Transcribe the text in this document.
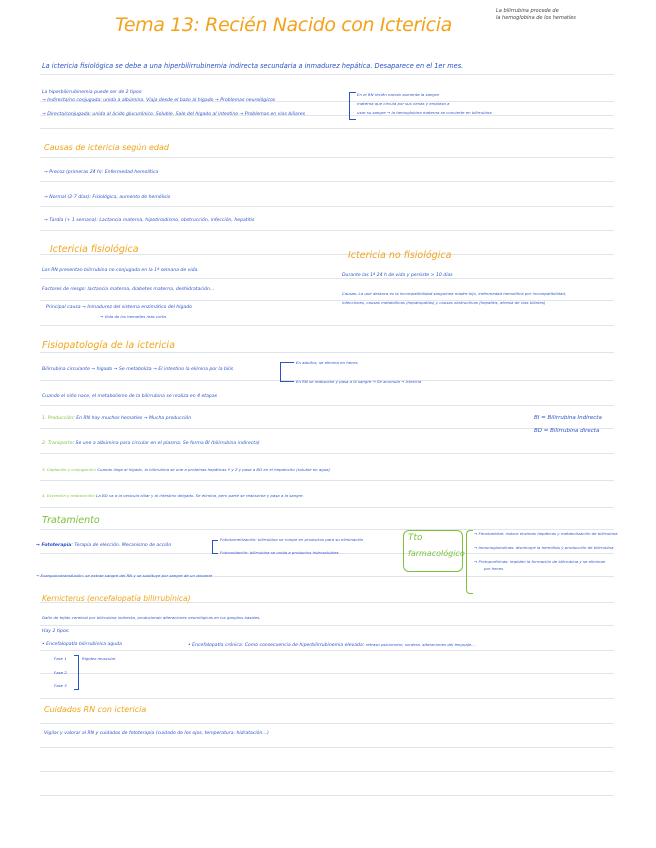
Tema 13: Recién Nacido con Ictericia
La bilirrubina procede de
la hemoglobina de los hematíes
La ictericia fisiológica se debe a una hiperbilirrubinemia indirecta secundaria a inmadurez hepática. Desaparece en el 1er mes.
La hiperbilirrubinemia puede ser de 2 tipos:
→ Indirecta/no conjugada: unida a albúmina. Viaja desde el bazo al hígado → Problemas neurológicos
→ Directa/conjugada: unida al ácido glucurónico. Soluble. Sale del hígado al intestino → Problemas en vías biliares
En el RN recién nacido aumenta la sangre
materna que circula por sus venas y empieza a
usar su sangre → la hemoglobina materna se convierte en bilirrubina
Causas de ictericia según edad
→ Precoz (primeras 24 h): Enfermedad hemolítica
→ Normal (2-7 días): Fisiológica, aumento de hemólisis
→ Tardía (+ 1 semana): Lactancia materna, hipotiroidismo, obstrucción, infección, hepatitis
Ictericia fisiológica
Los RN presentan bilirrubina no conjugada en la 1ª semana de vida.
Factores de riesgo: lactancia materna, diabetes materna, deshidratación…
Principal causa → Inmadurez del sistema enzimático del hígado
→ Vida de los hematíes más corta
Ictericia no fisiológica
Durante las 1ª 24 h de vida y persiste > 10 días
Causas: La que destaca es la incompatibilidad sanguínea madre-hijo, enfermedad hemolítica por incompatibilidad,
infecciones, causas metabólicas (hepatopatías) y causas obstructivas (hepatitis, atresia de vías biliares)
Fisiopatología de la ictericia
Bilirrubina circulante → hígado → Se metaboliza → El intestino la elimina por la bilis
En adultos, se elimina en heces
En RN se reabsorbe y pasa a la sangre → Se acumula → Ictericia
Cuando el niño nace, el metabolismo de la bilirrubina se realiza en 4 etapas
1. Producción: En RN hay muchos hematíes → Mucha producción
2. Transporte: Se une a albúmina para circular en el plasma. Se forma BI (bilirrubina indirecta)
3. Captación y conjugación: Cuando llega al hígado, la bilirrubina se une a proteínas hepáticas Y y Z y pasa a BD en el hepatocito (soluble en agua)
4. Excreción y reabsorción: La BD va a la vesícula biliar y al intestino delgado. Se elimina, pero parte se reabsorbe y pasa a la sangre.
BI = Bilirrubina Indirecta
BD = Bilirrubina directa
Tratamiento
→ Fototerapia: Terapia de elección. Mecanismo de acción
Fotoisomerización: bilirrubina se rompe en productos para su eliminación
Fotooxidación: bilirrubina se oxida a productos hidrosolubles
→ Exanguinotransfusión: se extrae sangre del RN y se sustituye por sangre de un donante
Tto
farmacológico
→ Fenobarbital: induce enzimas hepáticas y metabolización de bilirrubina
→ Inmunoglobulinas: disminuye la hemólisis y producción de bilirrubina
→ Protoporfirinas: impiden la formación de bilirrubina y se eliminan
por heces
Kernicterus (encefalopatía bilirrubínica)
Daño de tejido cerebral por bilirrubina indirecta, produciendo alteraciones neurológicas en los ganglios basales.
Hay 2 tipos:
• Encefalopatía bilirrubínica aguda
Fase 1
Fase 2
Fase 3
Rigidez muscular
• Encefalopatía crónica: Como consecuencia de hiperbilirrubinemia elevada: retraso psicomotor, sordera, alteraciones del lenguaje…
Cuidados RN con ictericia
Vigilar y valorar al RN y cuidados de fototerapia (cuidado de los ojos, temperatura, hidratación…)
